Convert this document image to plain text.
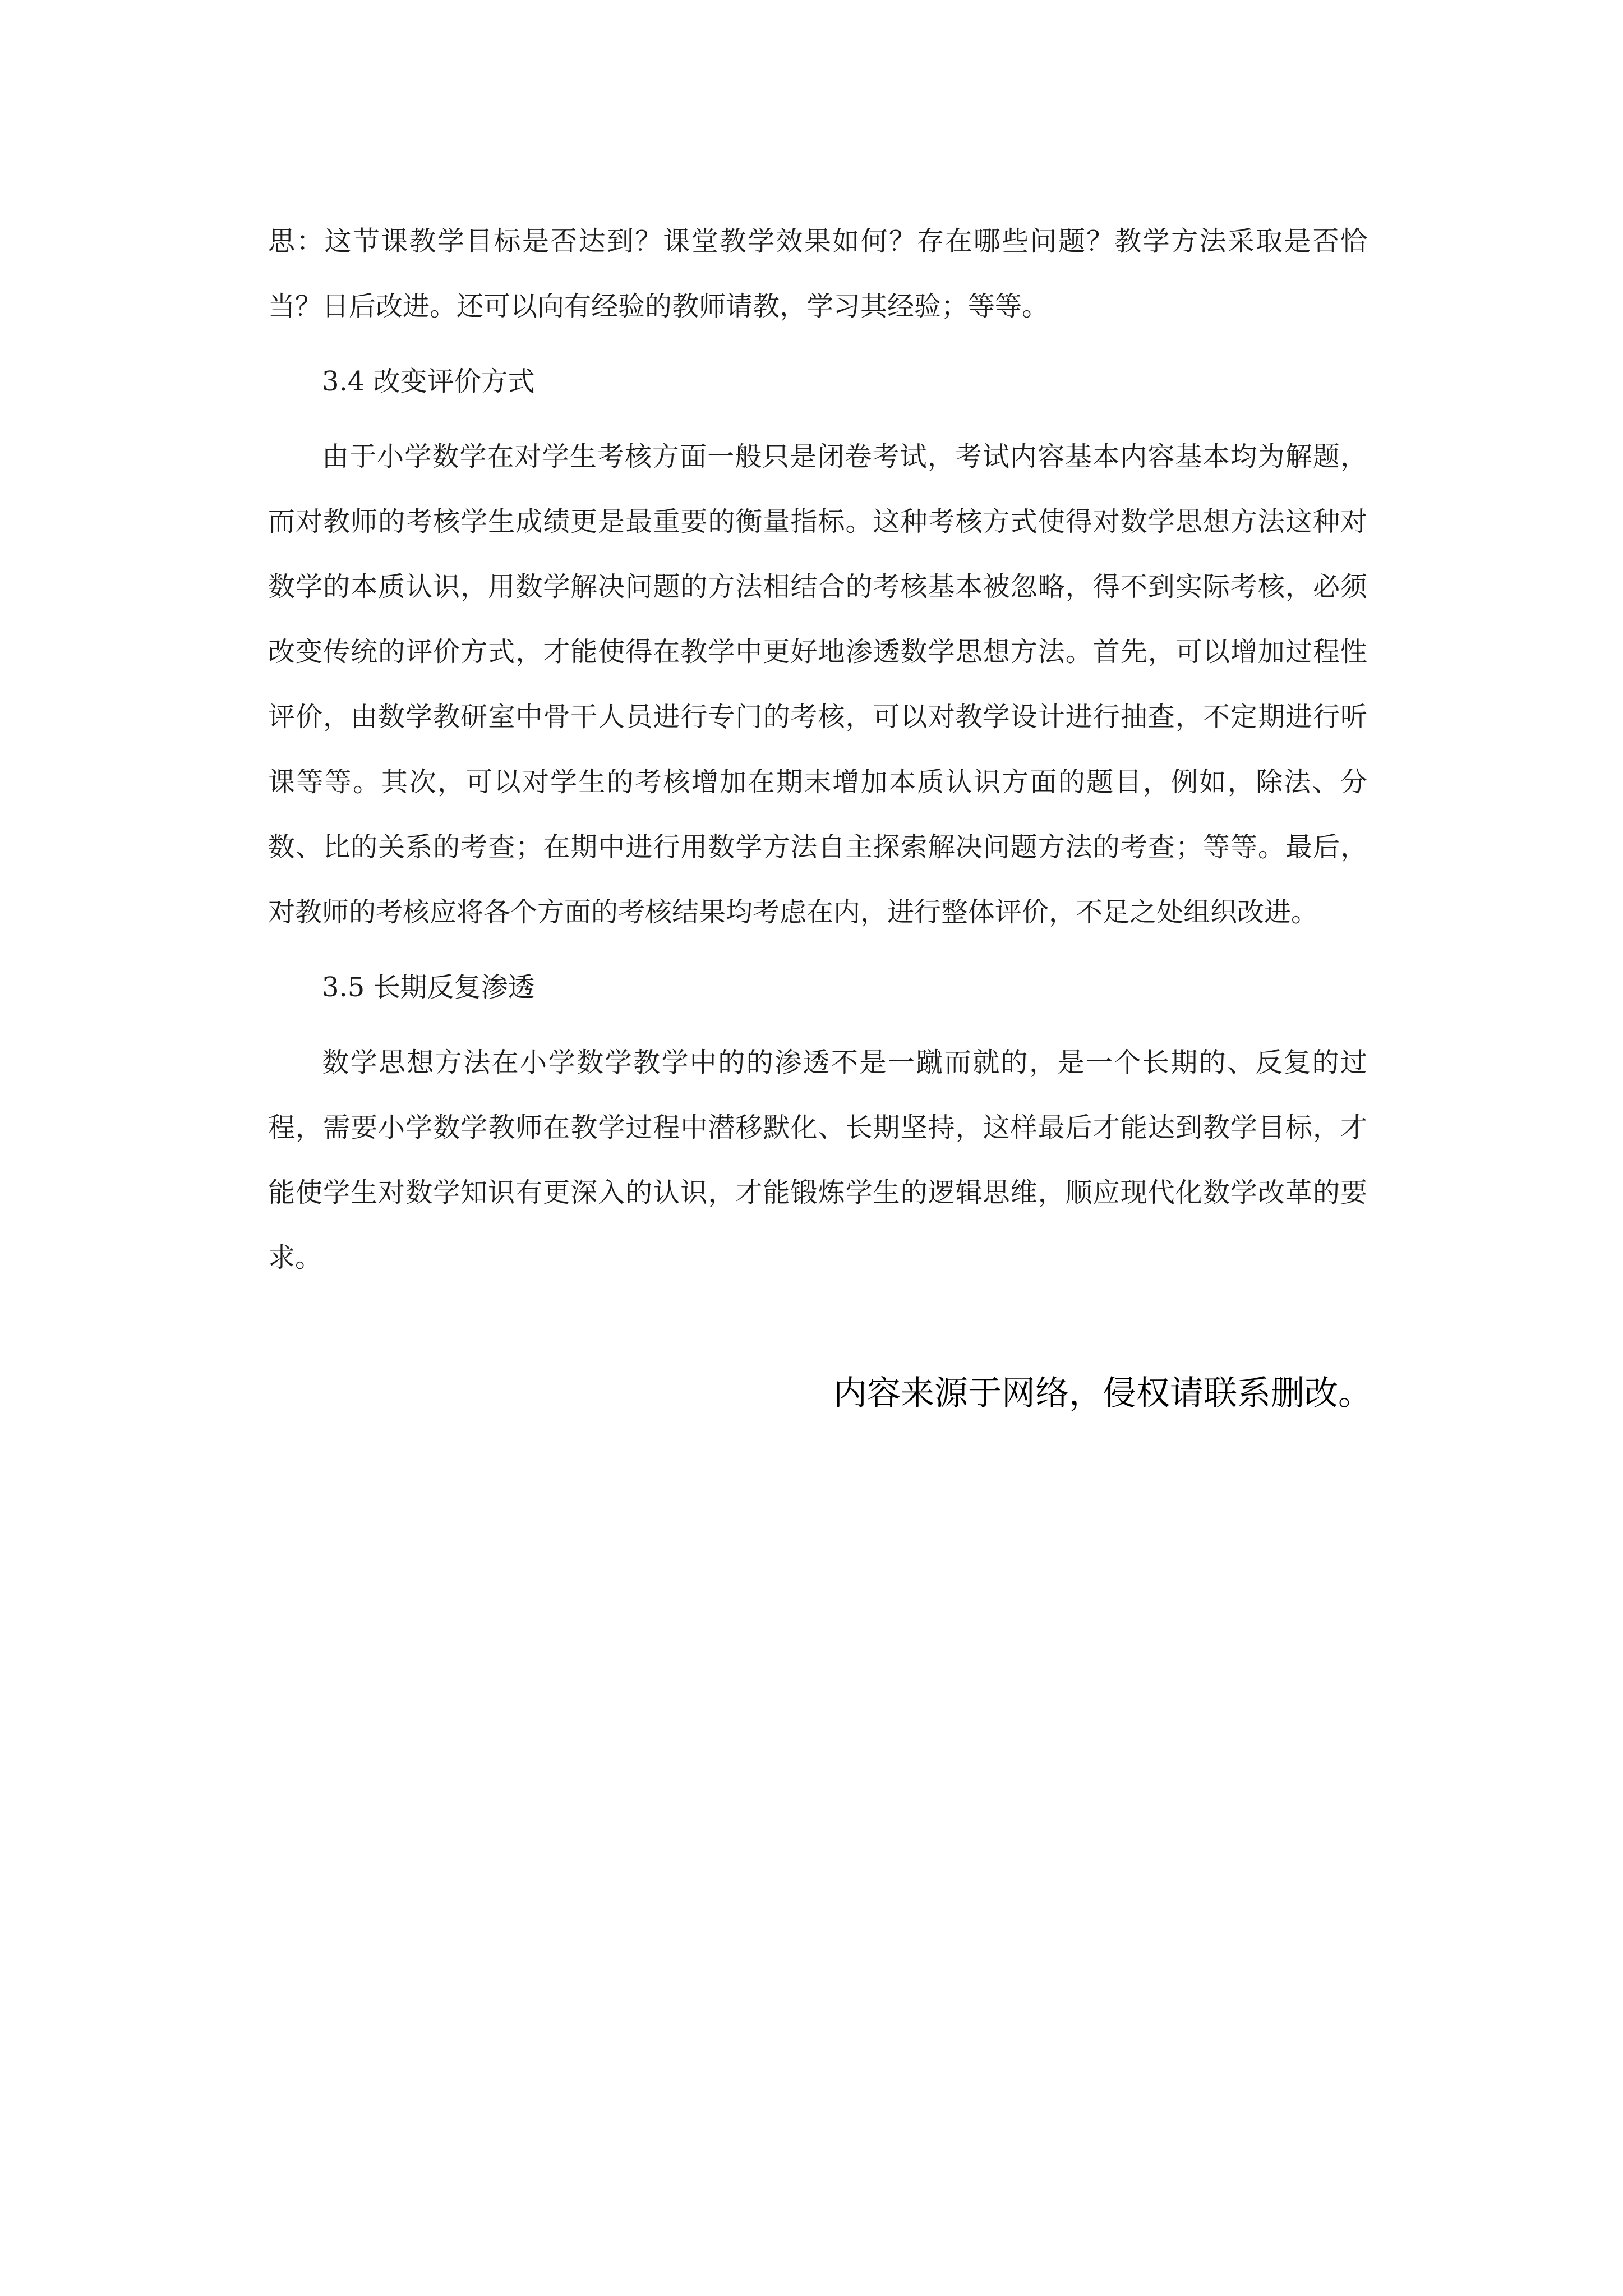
思：这节课教学目标是否达到？课堂教学效果如何？存在哪些问题？教学方法采取是否恰当？日后改进。还可以向有经验的教师请教，学习其经验；等等。

3.4 改变评价方式

由于小学数学在对学生考核方面一般只是闭卷考试，考试内容基本内容基本均为解题，而对教师的考核学生成绩更是最重要的衡量指标。这种考核方式使得对数学思想方法这种对数学的本质认识，用数学解决问题的方法相结合的考核基本被忽略，得不到实际考核，必须改变传统的评价方式，才能使得在教学中更好地渗透数学思想方法。首先，可以增加过程性评价，由数学教研室中骨干人员进行专门的考核，可以对教学设计进行抽查，不定期进行听课等等。其次，可以对学生的考核增加在期末增加本质认识方面的题目，例如，除法、分数、比的关系的考查；在期中进行用数学方法自主探索解决问题方法的考查；等等。最后，对教师的考核应将各个方面的考核结果均考虑在内，进行整体评价，不足之处组织改进。

3.5 长期反复渗透

数学思想方法在小学数学教学中的的渗透不是一蹴而就的，是一个长期的、反复的过程，需要小学数学教师在教学过程中潜移默化、长期坚持，这样最后才能达到教学目标，才能使学生对数学知识有更深入的认识，才能锻炼学生的逻辑思维，顺应现代化数学改革的要求。

内容来源于网络，侵权请联系删改。
